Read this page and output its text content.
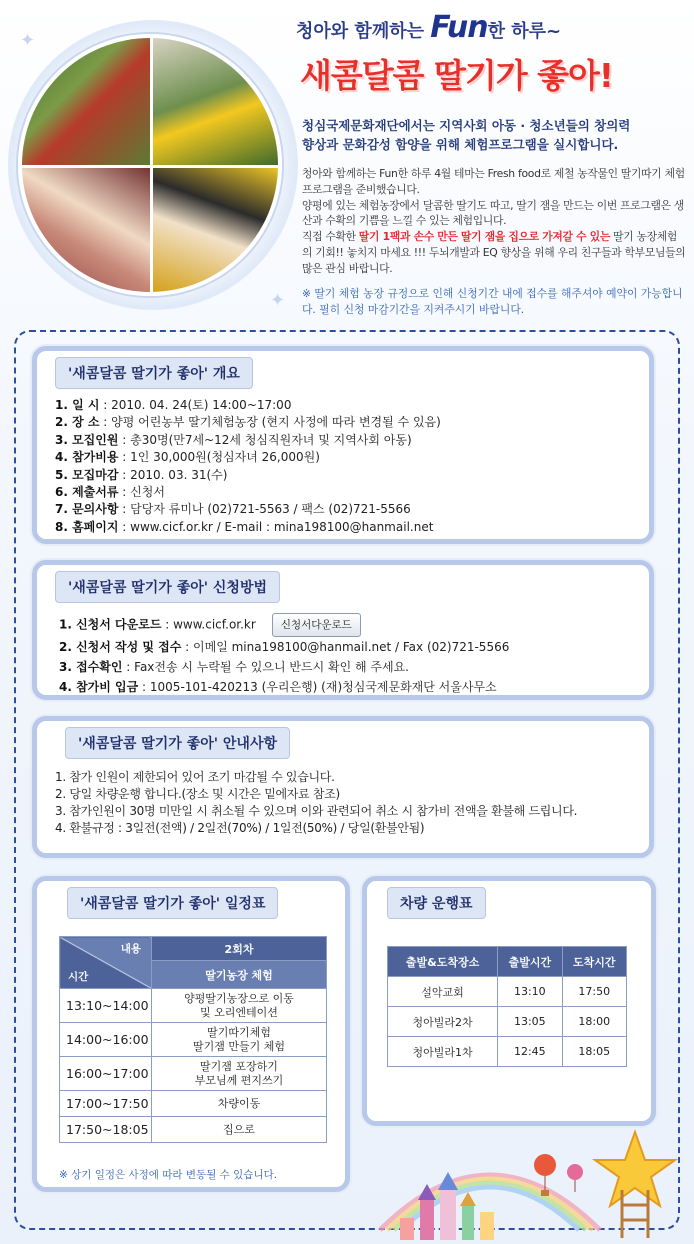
✦
✦
청아와 함께하는 Fun한 하루~
새콤달콤 딸기가 좋아!
청심국제문화재단에서는 지역사회 아동 · 청소년들의 창의력
향상과 문화감성 함양을 위해 체험프로그램을 실시합니다.
청아와 함께하는 Fun한 하루 4월 테마는 Fresh food로 제철 농작물인 딸기따기 체험 프로그램을 준비했습니다.
양평에 있는 체험농장에서 달콤한 딸기도 따고, 딸기 잼을 만드는 이번 프로그램은 생산과 수확의 기쁨을 느낄 수 있는 체험입니다.
직접 수확한 딸기 1팩과 손수 만든 딸기 잼을 집으로 가져갈 수 있는 딸기 농장체험의 기회!! 놓치지 마세요 !!! 두뇌개발과 EQ 향상을 위해 우리 친구들과 학부모님들의 많은 관심 바랍니다.
※ 딸기 체험 농장 규정으로 인해 신청기간 내에 접수를 해주셔야 예약이 가능합니다. 필히 신청 마감기간을 지켜주시기 바랍니다.
'새콤달콤 딸기가 좋아' 개요
1. 일 시 : 2010. 04. 24(토) 14:00~17:00
2. 장 소 : 양평 어린농부 딸기체험농장 (현지 사정에 따라 변경될 수 있음)
3. 모집인원 : 총30명(만7세~12세 청심직원자녀 및 지역사회 아동)
4. 참가비용 : 1인 30,000원(청심자녀 26,000원)
5. 모집마감 : 2010. 03. 31(수)
6. 제출서류 : 신청서
7. 문의사항 : 담당자 류미나 (02)721-5563 / 팩스 (02)721-5566
8. 홈페이지 : www.cicf.or.kr / E-mail : mina198100@hanmail.net
'새콤달콤 딸기가 좋아' 신청방법
1. 신청서 다운로드 : www.cicf.or.kr 신청서다운로드
2. 신청서 작성 및 접수 : 이메일 mina198100@hanmail.net / Fax (02)721-5566
3. 접수확인 : Fax전송 시 누락될 수 있으니 반드시 확인 해 주세요.
4. 참가비 입금 : 1005-101-420213 (우리은행) (재)청심국제문화재단 서울사무소
'새콤달콤 딸기가 좋아' 안내사항
1. 참가 인원이 제한되어 있어 조기 마감될 수 있습니다.
2. 당일 차량운행 합니다.(장소 및 시간은 밑에자료 참조)
3. 참가인원이 30명 미만일 시 취소될 수 있으며 이와 관련되어 취소 시 참가비 전액을 환불해 드립니다.
4. 환불규정 : 3일전(전액) / 2일전(70%) / 1일전(50%) / 당일(환불안됨)
'새콤달콤 딸기가 좋아' 일정표
내용
시간	2회차
	딸기농장 체험
13:10~14:00	양평딸기농장으로 이동
및 오리엔테이션

14:00~16:00	딸기따기체험
딸기잼 만들기 체험

16:00~17:00	딸기잼 포장하기
부모님께 편지쓰기

17:00~17:50	차량이동

17:50~18:05	집으로
※ 상기 일정은 사정에 따라 변동될 수 있습니다.
차량 운행표
출발&도착장소	출발시간	도착시간
설악교회	13:10	17:50
청아빌라2차	13:05	18:00
청아빌라1차	12:45	18:05
